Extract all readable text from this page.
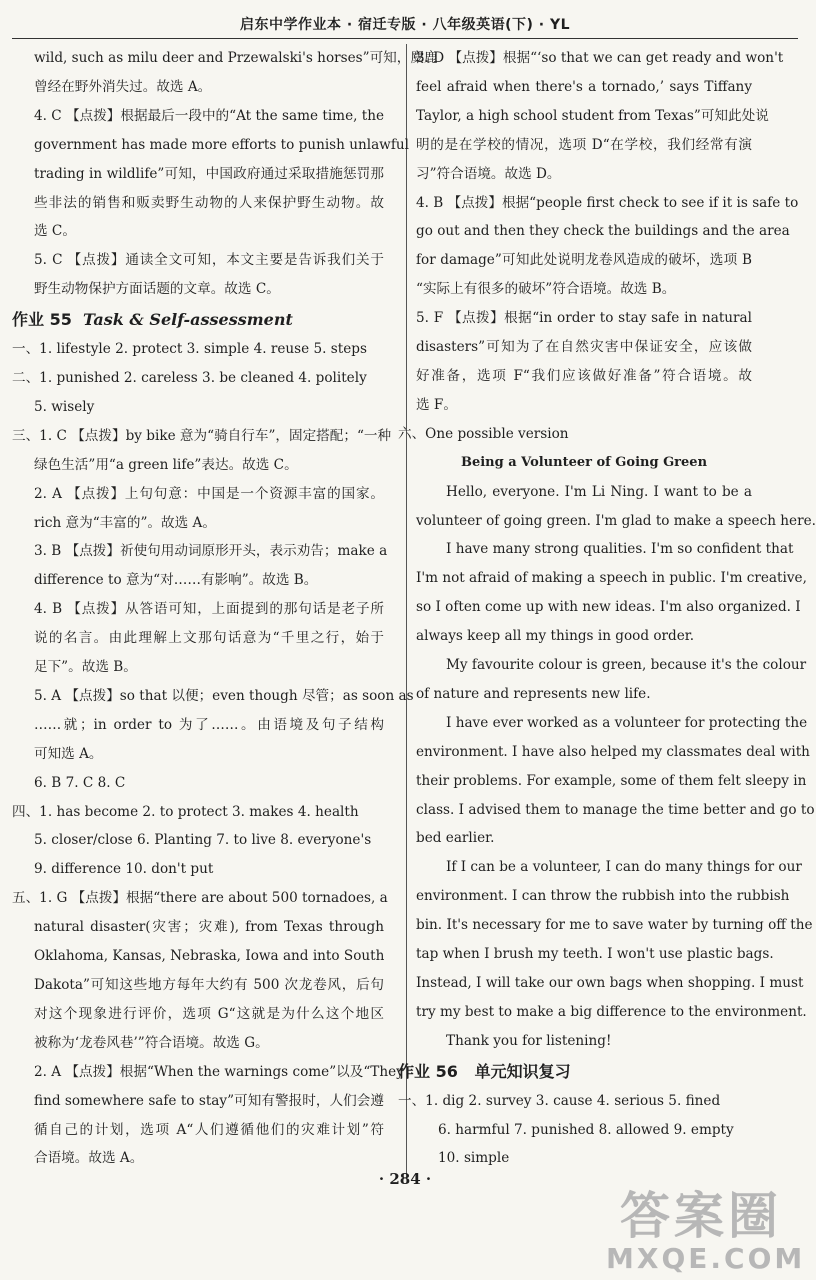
启东中学作业本 · 宿迁专版 · 八年级英语(下) · YL
wild, such as milu deer and Przewalski's horses”可知，麋鹿
曾经在野外消失过。故选 A。
4. C 【点拨】根据最后一段中的“At the same time, the
government has made more efforts to punish unlawful
trading in wildlife”可知，中国政府通过采取措施惩罚那
些非法的销售和贩卖野生动物的人来保护野生动物。故
选 C。
5. C 【点拨】通读全文可知，本文主要是告诉我们关于
野生动物保护方面话题的文章。故选 C。
作业 55 Task & Self-assessment
一、1. lifestyle 2. protect 3. simple 4. reuse 5. steps
二、1. punished 2. careless 3. be cleaned 4. politely
5. wisely
三、1. C 【点拨】by bike 意为“骑自行车”，固定搭配；“一种
绿色生活”用“a green life”表达。故选 C。
2. A 【点拨】上句句意：中国是一个资源丰富的国家。
rich 意为“丰富的”。故选 A。
3. B 【点拨】祈使句用动词原形开头，表示劝告；make a
difference to 意为“对……有影响”。故选 B。
4. B 【点拨】从答语可知，上面提到的那句话是老子所
说的名言。由此理解上文那句话意为“千里之行，始于
足下”。故选 B。
5. A 【点拨】so that 以便；even though 尽管；as soon as
……就；in order to 为了……。由语境及句子结构
可知选 A。
6. B 7. C 8. C
四、1. has become 2. to protect 3. makes 4. health
5. closer/close 6. Planting 7. to live 8. everyone's
9. difference 10. don't put
五、1. G 【点拨】根据“there are about 500 tornadoes, a
natural disaster(灾害；灾难), from Texas through
Oklahoma, Kansas, Nebraska, Iowa and into South
Dakota”可知这些地方每年大约有 500 次龙卷风，后句
对这个现象进行评价，选项 G“这就是为什么这个地区
被称为‘龙卷风巷’”符合语境。故选 G。
2. A 【点拨】根据“When the warnings come”以及“They
find somewhere safe to stay”可知有警报时，人们会遵
循自己的计划，选项 A“人们遵循他们的灾难计划”符
合语境。故选 A。
3. D 【点拨】根据“‘so that we can get ready and won't
feel afraid when there's a tornado,’ says Tiffany
Taylor, a high school student from Texas”可知此处说
明的是在学校的情况，选项 D“在学校，我们经常有演
习”符合语境。故选 D。
4. B 【点拨】根据“people first check to see if it is safe to
go out and then they check the buildings and the area
for damage”可知此处说明龙卷风造成的破坏，选项 B
“实际上有很多的破坏”符合语境。故选 B。
5. F 【点拨】根据“in order to stay safe in natural
disasters”可知为了在自然灾害中保证安全，应该做
好准备，选项 F“我们应该做好准备”符合语境。故
选 F。
六、One possible version
Being a Volunteer of Going Green
Hello, everyone. I'm Li Ning. I want to be a
volunteer of going green. I'm glad to make a speech here.
I have many strong qualities. I'm so confident that
I'm not afraid of making a speech in public. I'm creative,
so I often come up with new ideas. I'm also organized. I
always keep all my things in good order.
My favourite colour is green, because it's the colour
of nature and represents new life.
I have ever worked as a volunteer for protecting the
environment. I have also helped my classmates deal with
their problems. For example, some of them felt sleepy in
class. I advised them to manage the time better and go to
bed earlier.
If I can be a volunteer, I can do many things for our
environment. I can throw the rubbish into the rubbish
bin. It's necessary for me to save water by turning off the
tap when I brush my teeth. I won't use plastic bags.
Instead, I will take our own bags when shopping. I must
try my best to make a big difference to the environment.
Thank you for listening!
作业 56 单元知识复习
一、1. dig 2. survey 3. cause 4. serious 5. fined
6. harmful 7. punished 8. allowed 9. empty
10. simple
· 284 ·
答案圈
MXQE.COM
